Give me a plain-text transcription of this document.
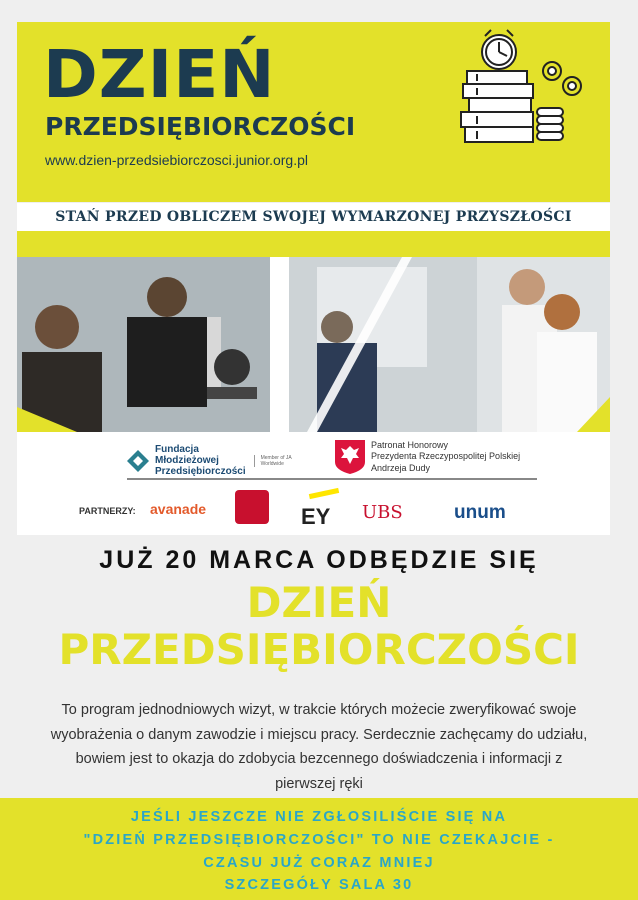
DZIEŃ
PRZEDSIĘBIORCZOŚCI
www.dzien-przedsiebiorczosci.junior.org.pl
STAŃ PRZED OBLICZEM SWOJEJ WYMARZONEJ PRZYSZŁOŚCI
Fundacja
Młodzieżowej
Przedsiębiorczości
Member of JA Worldwide
Patronat Honorowy
Prezydenta Rzeczypospolitej Polskiej
Andrzeja Dudy
PARTNERZY: avanade	EY UBS	unum
JUŻ 20 MARCA ODBĘDZIE SIĘ
DZIEŃ
PRZEDSIĘBIORCZOŚCI
To program jednodniowych wizyt, w trakcie których możecie zweryfikować swoje wyobrażenia o danym zawodzie i miejscu pracy. Serdecznie zachęcamy do udziału, bowiem jest to okazja do zdobycia bezcennego doświadczenia i informacji z pierwszej ręki
JEŚLI JESZCZE NIE ZGŁOSILIŚCIE SIĘ NA
"DZIEŃ PRZEDSIĘBIORCZOŚCI" TO NIE CZEKAJCIE -
CZASU JUŻ CORAZ MNIEJ
SZCZEGÓŁY SALA 30
